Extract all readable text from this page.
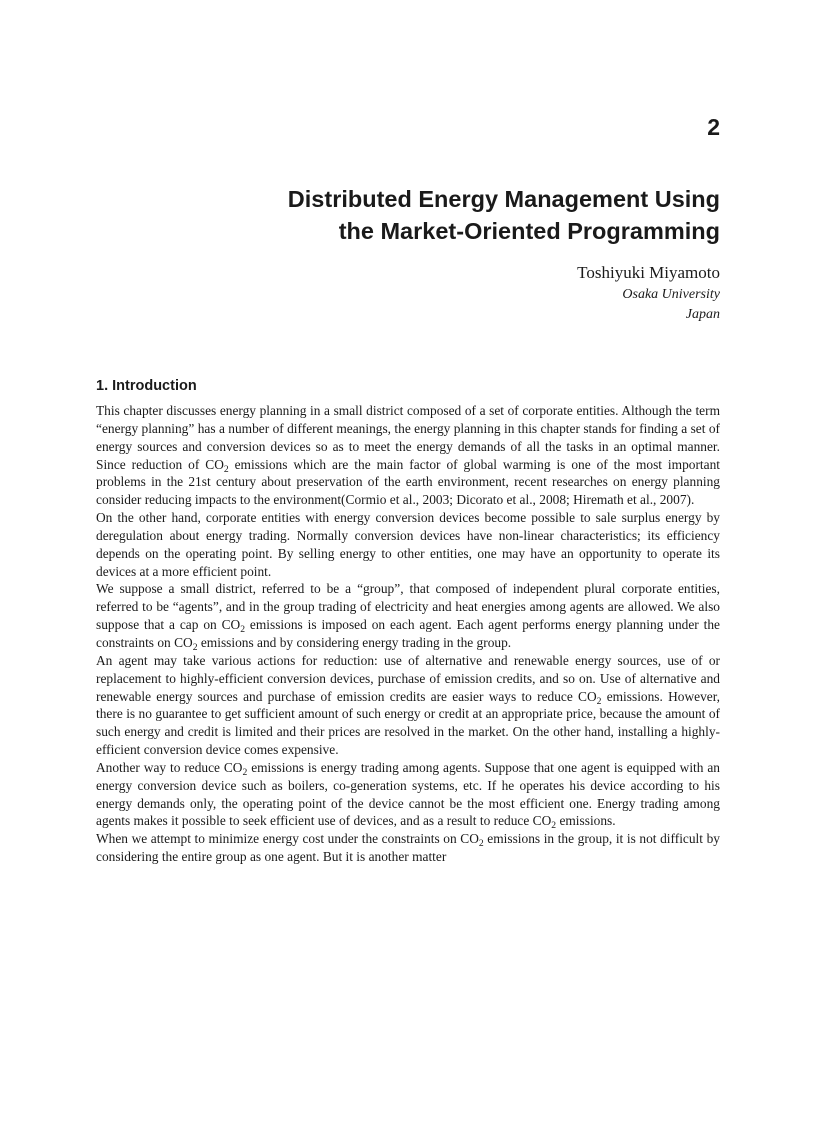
2
Distributed Energy Management Using
the Market-Oriented Programming
Toshiyuki Miyamoto
Osaka University
Japan
1. Introduction

This chapter discusses energy planning in a small district composed of a set of corporate entities. Although the term “energy planning” has a number of different meanings, the energy planning in this chapter stands for finding a set of energy sources and conversion devices so as to meet the energy demands of all the tasks in an optimal manner. Since reduction of $CO_2$ emissions which are the main factor of global warming is one of the most important problems in the 21st century about preservation of the earth environment, recent researches on energy planning consider reducing impacts to the environment(Cormio et al., 2003; Dicorato et al., 2008; Hiremath et al., 2007).

On the other hand, corporate entities with energy conversion devices become possible to sale surplus energy by deregulation about energy trading. Normally conversion devices have non-linear characteristics; its efficiency depends on the operating point. By selling energy to other entities, one may have an opportunity to operate its devices at a more efficient point.

We suppose a small district, referred to be a “group”, that composed of independent plural corporate entities, referred to be “agents”, and in the group trading of electricity and heat energies among agents are allowed. We also suppose that a cap on $CO_2$ emissions is imposed on each agent. Each agent performs energy planning under the constraints on $CO_2$ emissions and by considering energy trading in the group.

An agent may take various actions for reduction: use of alternative and renewable energy sources, use of or replacement to highly-efficient conversion devices, purchase of emission credits, and so on. Use of alternative and renewable energy sources and purchase of emission credits are easier ways to reduce $CO_2$ emissions. However, there is no guarantee to get sufficient amount of such energy or credit at an appropriate price, because the amount of such energy and credit is limited and their prices are resolved in the market. On the other hand, installing a highly-efficient conversion device comes expensive.

Another way to reduce $CO_2$ emissions is energy trading among agents. Suppose that one agent is equipped with an energy conversion device such as boilers, co-generation systems, etc. If he operates his device according to his energy demands only, the operating point of the device cannot be the most efficient one. Energy trading among agents makes it possible to seek efficient use of devices, and as a result to reduce $CO_2$ emissions.

When we attempt to minimize energy cost under the constraints on $CO_2$ emissions in the group, it is not difficult by considering the entire group as one agent. But it is another matter
